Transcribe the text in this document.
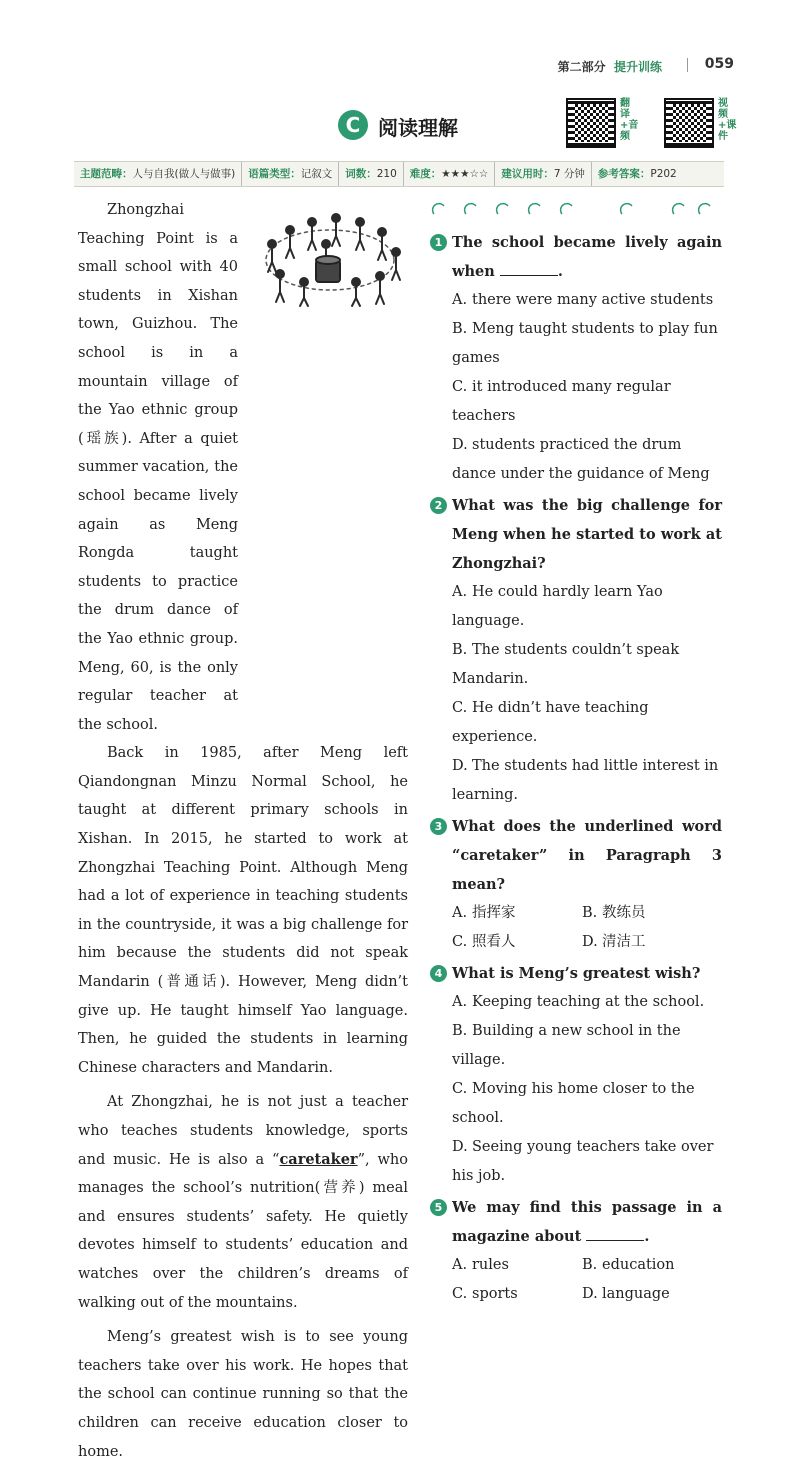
第二部分 提升训练	059
C 阅读理解
翻译+音频
视频+课件
主题范畴：人与自我(做人与做事)	语篇类型：记叙文	词数：210	难度：★★★☆☆	建议用时：7 分钟	参考答案：P202

Zhongzhai Teaching Point is a small school with 40 students in Xishan town, Guizhou. The school is in a mountain village of the Yao ethnic group (瑶族). After a quiet summer vacation, the school became lively again as Meng Rongda taught students to practice the drum dance of the Yao ethnic group. Meng, 60, is the only regular teacher at the school.

Back in 1985, after Meng left Qiandongnan Minzu Normal School, he taught at different primary schools in Xishan. In 2015, he started to work at Zhongzhai Teaching Point. Although Meng had a lot of experience in teaching students in the countryside, it was a big challenge for him because the students did not speak Mandarin (普通话). However, Meng didn’t give up. He taught himself Yao language. Then, he guided the students in learning Chinese characters and Mandarin.

At Zhongzhai, he is not just a teacher who teaches students knowledge, sports and music. He is also a “caretaker”, who manages the school’s nutrition(营养) meal and ensures students’ safety. He quietly devotes himself to students’ education and watches over the children’s dreams of walking out of the mountains.

Meng’s greatest wish is to see young teachers take over his work. He hopes that the school can continue running so that the children can receive education closer to home.

1 The school became lively again when	.
A. there were many active students
B. Meng taught students to play fun games
C. it introduced many regular teachers
D. students practiced the drum dance under the guidance of Meng
2 What was the big challenge for Meng when he started to work at Zhongzhai?
A. He could hardly learn Yao language.
B. The students couldn’t speak Mandarin.
C. He didn’t have teaching experience.
D. The students had little interest in learning.
3 What does the underlined word “caretaker” in Paragraph 3 mean?
A. 指挥家	B. 教练员
C. 照看人	D. 清洁工
4 What is Meng’s greatest wish?
A. Keeping teaching at the school.
B. Building a new school in the village.
C. Moving his home closer to the school.
D. Seeing young teachers take over his job.
5 We may find this passage in a magazine about	.
A. rules	B. education
C. sports	D. language
